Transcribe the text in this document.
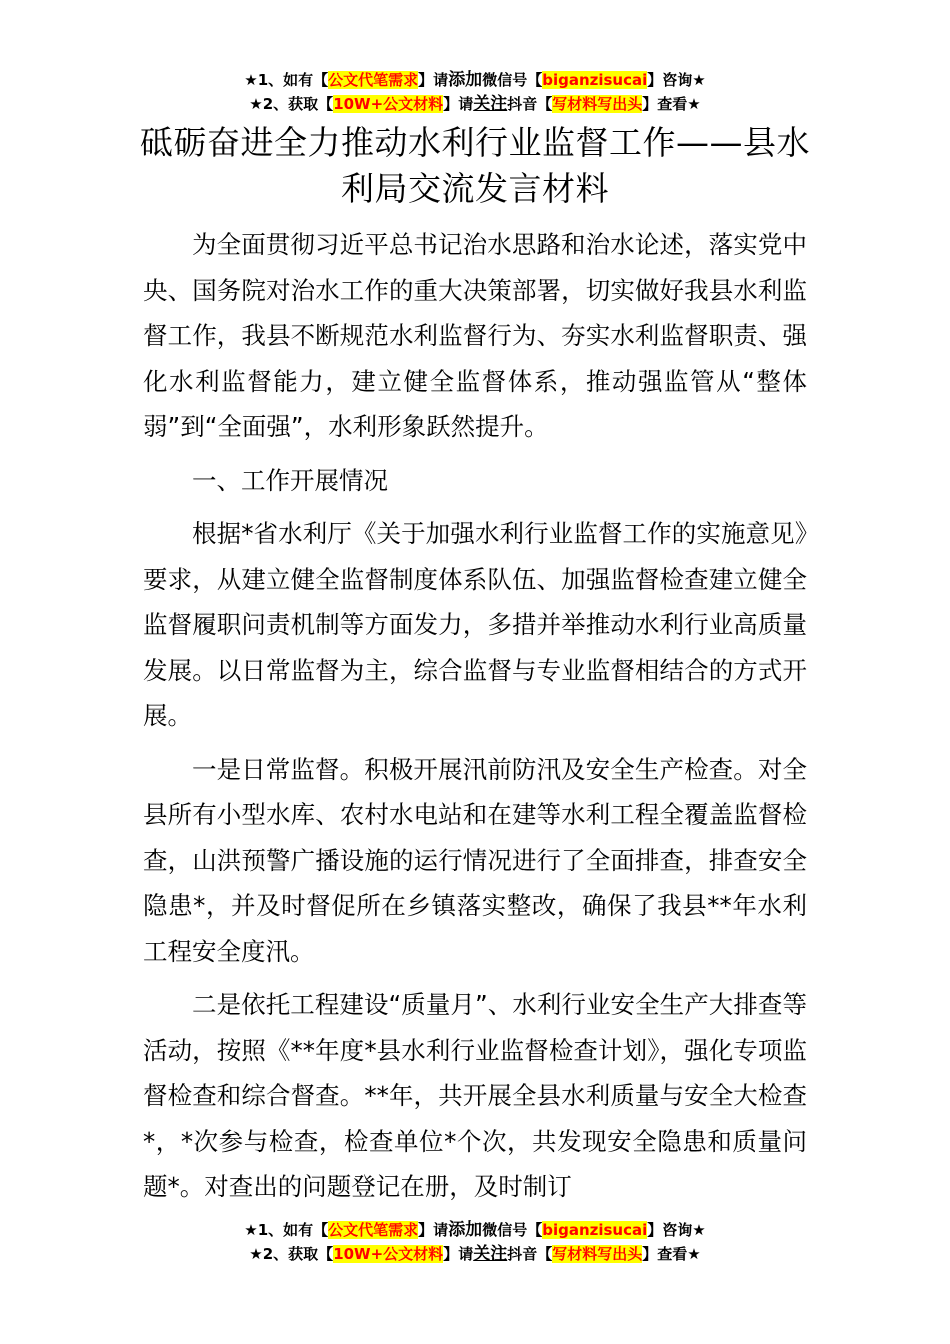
★1、如有【公文代笔需求】请添加微信号【biganzisucai】咨询★
★2、获取【10W+公文材料】请关注抖音【写材料写出头】查看★
砥砺奋进全力推动水利行业监督工作——县水利局交流发言材料

为全面贯彻习近平总书记治水思路和治水论述，落实党中央、国务院对治水工作的重大决策部署，切实做好我县水利监督工作，我县不断规范水利监督行为、夯实水利监督职责、强化水利监督能力，建立健全监督体系，推动强监管从“整体弱”到“全面强”，水利形象跃然提升。

一、工作开展情况

根据*省水利厅《关于加强水利行业监督工作的实施意见》要求，从建立健全监督制度体系队伍、加强监督检查建立健全监督履职问责机制等方面发力，多措并举推动水利行业高质量发展。以日常监督为主，综合监督与专业监督相结合的方式开展。

一是日常监督。积极开展汛前防汛及安全生产检查。对全县所有小型水库、农村水电站和在建等水利工程全覆盖监督检查，山洪预警广播设施的运行情况进行了全面排查，排查安全隐患*，并及时督促所在乡镇落实整改，确保了我县**年水利工程安全度汛。

二是依托工程建设“质量月”、水利行业安全生产大排查等活动，按照《**年度*县水利行业监督检查计划》，强化专项监督检查和综合督查。**年，共开展全县水利质量与安全大检查*，*次参与检查，检查单位*个次，共发现安全隐患和质量问题*。对查出的问题登记在册，及时制订

★1、如有【公文代笔需求】请添加微信号【biganzisucai】咨询★
★2、获取【10W+公文材料】请关注抖音【写材料写出头】查看★
